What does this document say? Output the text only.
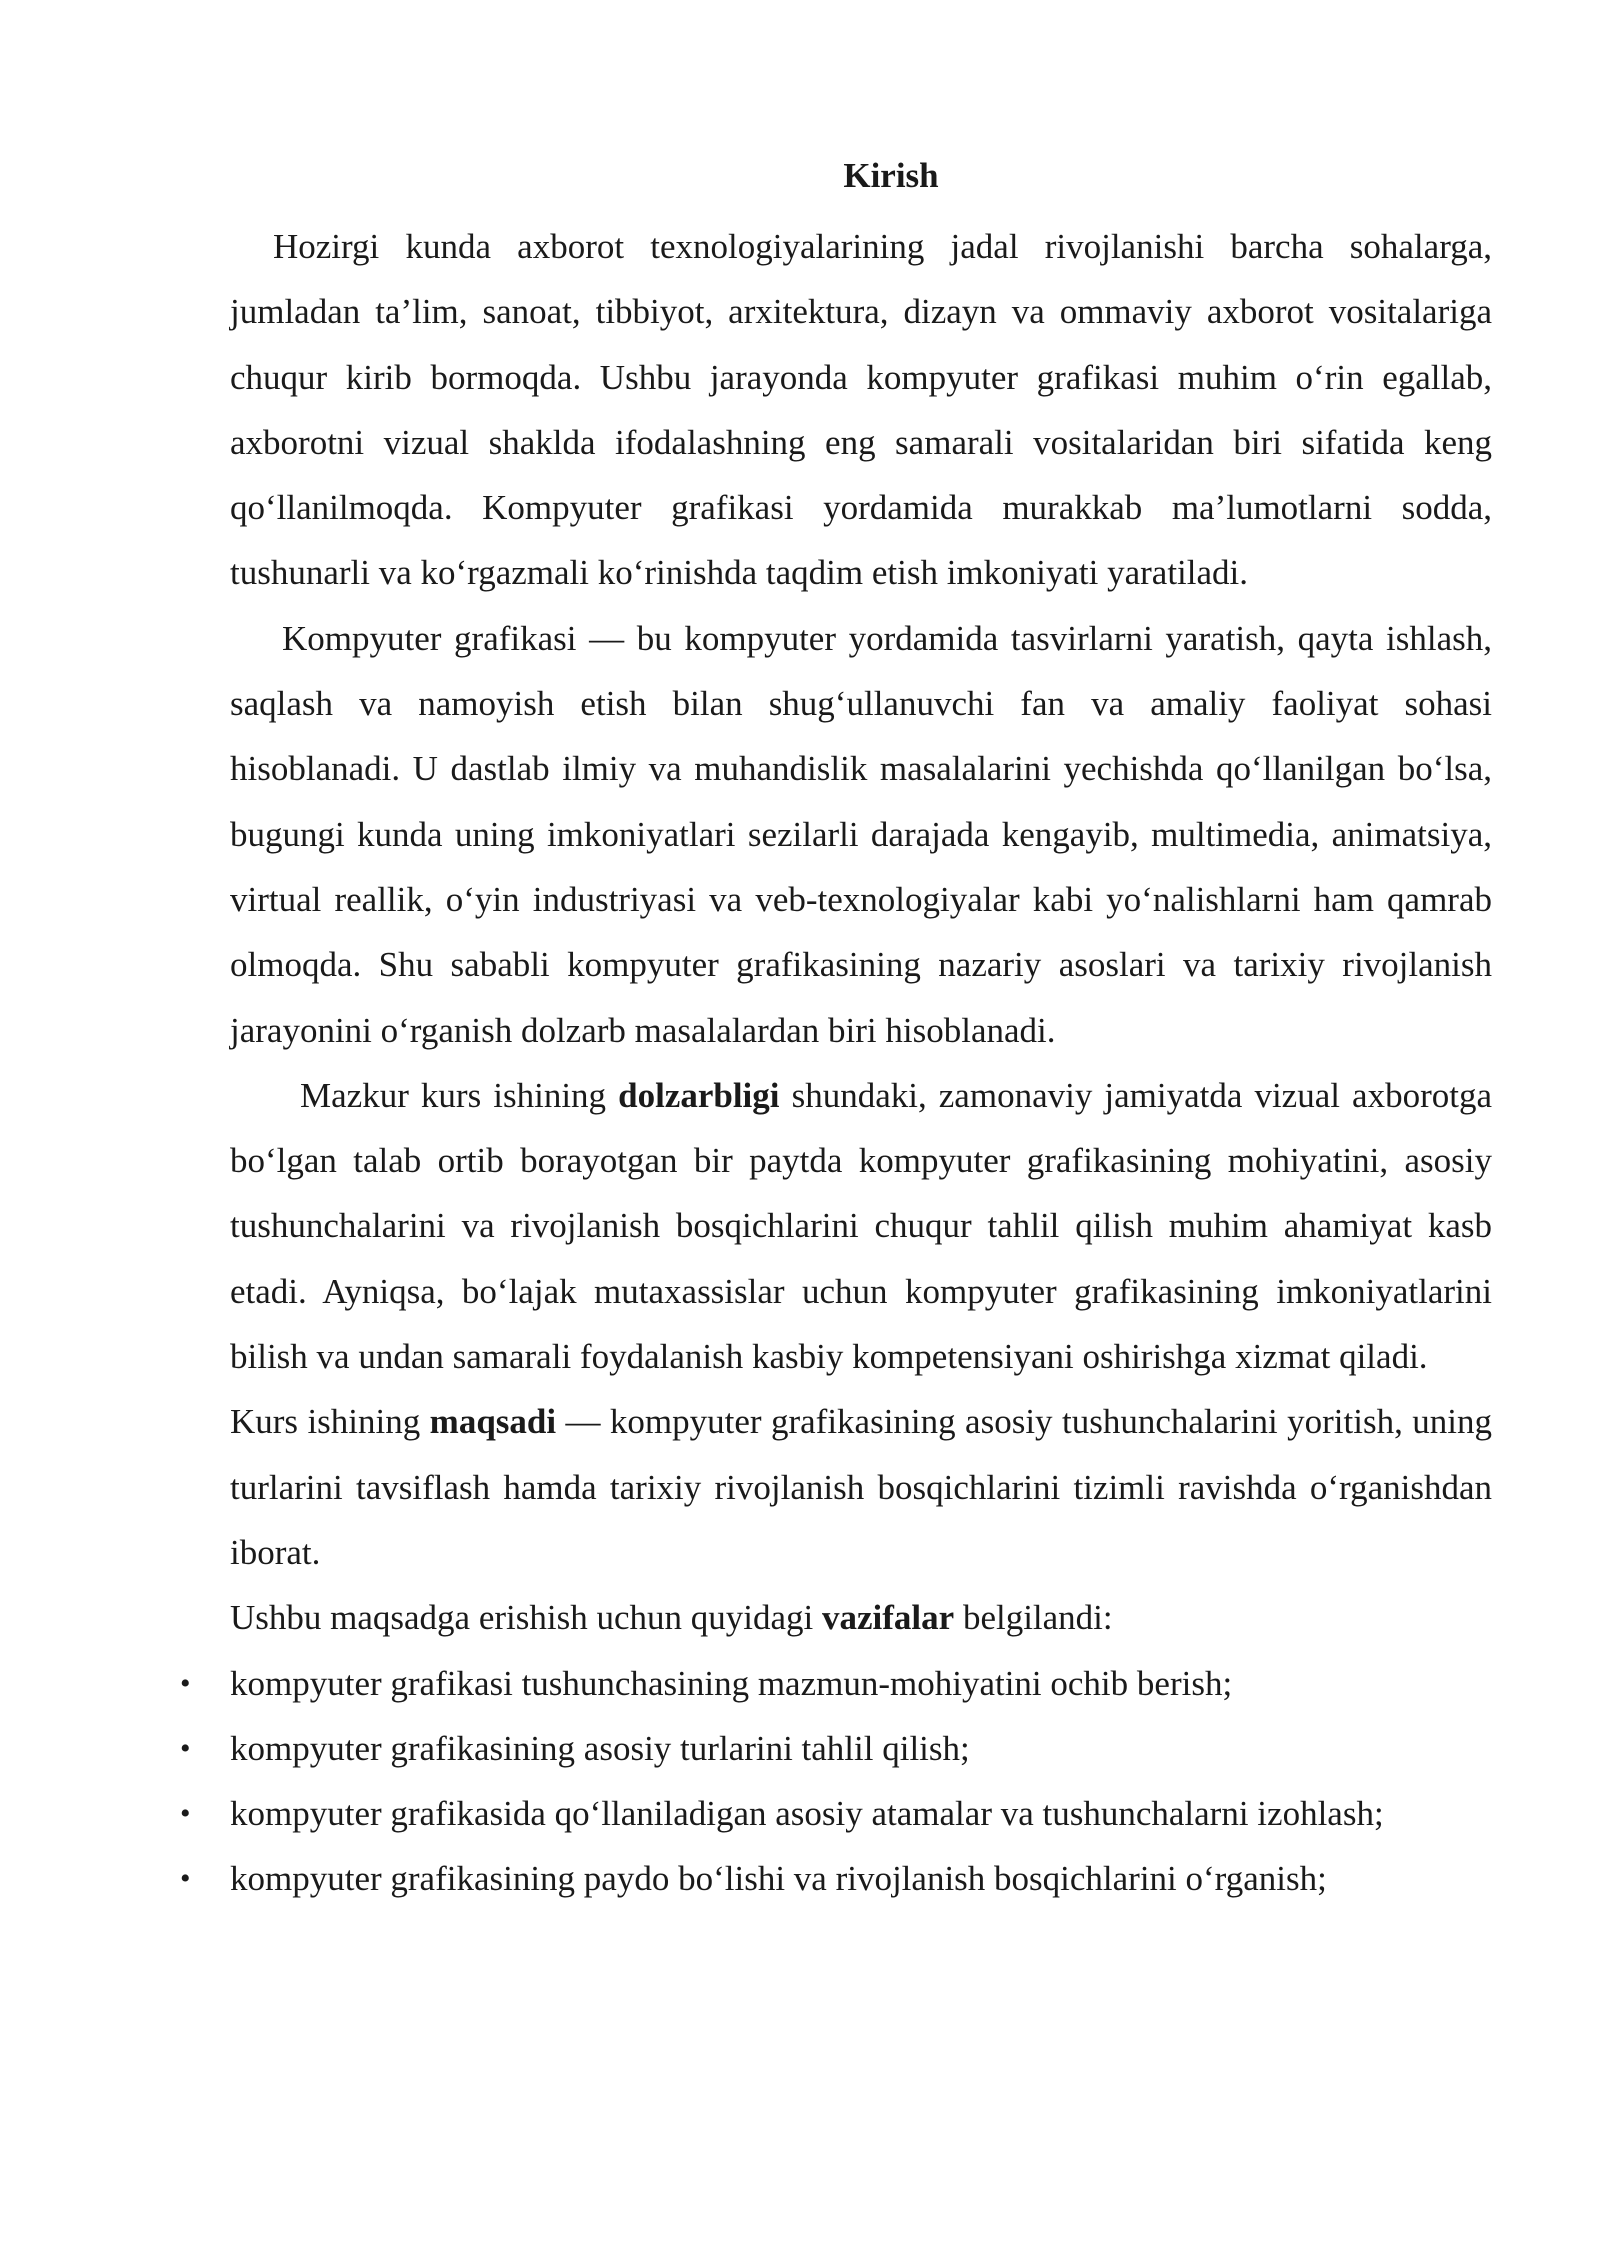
Kirish

Hozirgi kunda axborot texnologiyalarining jadal rivojlanishi barcha sohalarga, jumladan ta’lim, sanoat, tibbiyot, arxitektura, dizayn va ommaviy axborot vositalariga chuqur kirib bormoqda. Ushbu jarayonda kompyuter grafikasi muhim o‘rin egallab, axborotni vizual shaklda ifodalashning eng samarali vositalaridan biri sifatida keng qo‘llanilmoqda. Kompyuter grafikasi yordamida murakkab ma’lumotlarni sodda, tushunarli va ko‘rgazmali ko‘rinishda taqdim etish imkoniyati yaratiladi.

Kompyuter grafikasi — bu kompyuter yordamida tasvirlarni yaratish, qayta ishlash, saqlash va namoyish etish bilan shug‘ullanuvchi fan va amaliy faoliyat sohasi hisoblanadi. U dastlab ilmiy va muhandislik masalalarini yechishda qo‘llanilgan bo‘lsa, bugungi kunda uning imkoniyatlari sezilarli darajada kengayib, multimedia, animatsiya, virtual reallik, o‘yin industriyasi va veb-texnologiyalar kabi yo‘nalishlarni ham qamrab olmoqda. Shu sababli kompyuter grafikasining nazariy asoslari va tarixiy rivojlanish jarayonini o‘rganish dolzarb masalalardan biri hisoblanadi.

Mazkur kurs ishining dolzarbligi shundaki, zamonaviy jamiyatda vizual axborotga bo‘lgan talab ortib borayotgan bir paytda kompyuter grafikasining mohiyatini, asosiy tushunchalarini va rivojlanish bosqichlarini chuqur tahlil qilish muhim ahamiyat kasb etadi. Ayniqsa, bo‘lajak mutaxassislar uchun kompyuter grafikasining imkoniyatlarini bilish va undan samarali foydalanish kasbiy kompetensiyani oshirishga xizmat qiladi.

Kurs ishining maqsadi — kompyuter grafikasining asosiy tushunchalarini yoritish, uning turlarini tavsiflash hamda tarixiy rivojlanish bosqichlarini tizimli ravishda o‘rganishdan iborat.

Ushbu maqsadga erishish uchun quyidagi vazifalar belgilandi:

• kompyuter grafikasi tushunchasining mazmun-mohiyatini ochib berish;
• kompyuter grafikasining asosiy turlarini tahlil qilish;
• kompyuter grafikasida qo‘llaniladigan asosiy atamalar va tushunchalarni izohlash;
• kompyuter grafikasining paydo bo‘lishi va rivojlanish bosqichlarini o‘rganish;
